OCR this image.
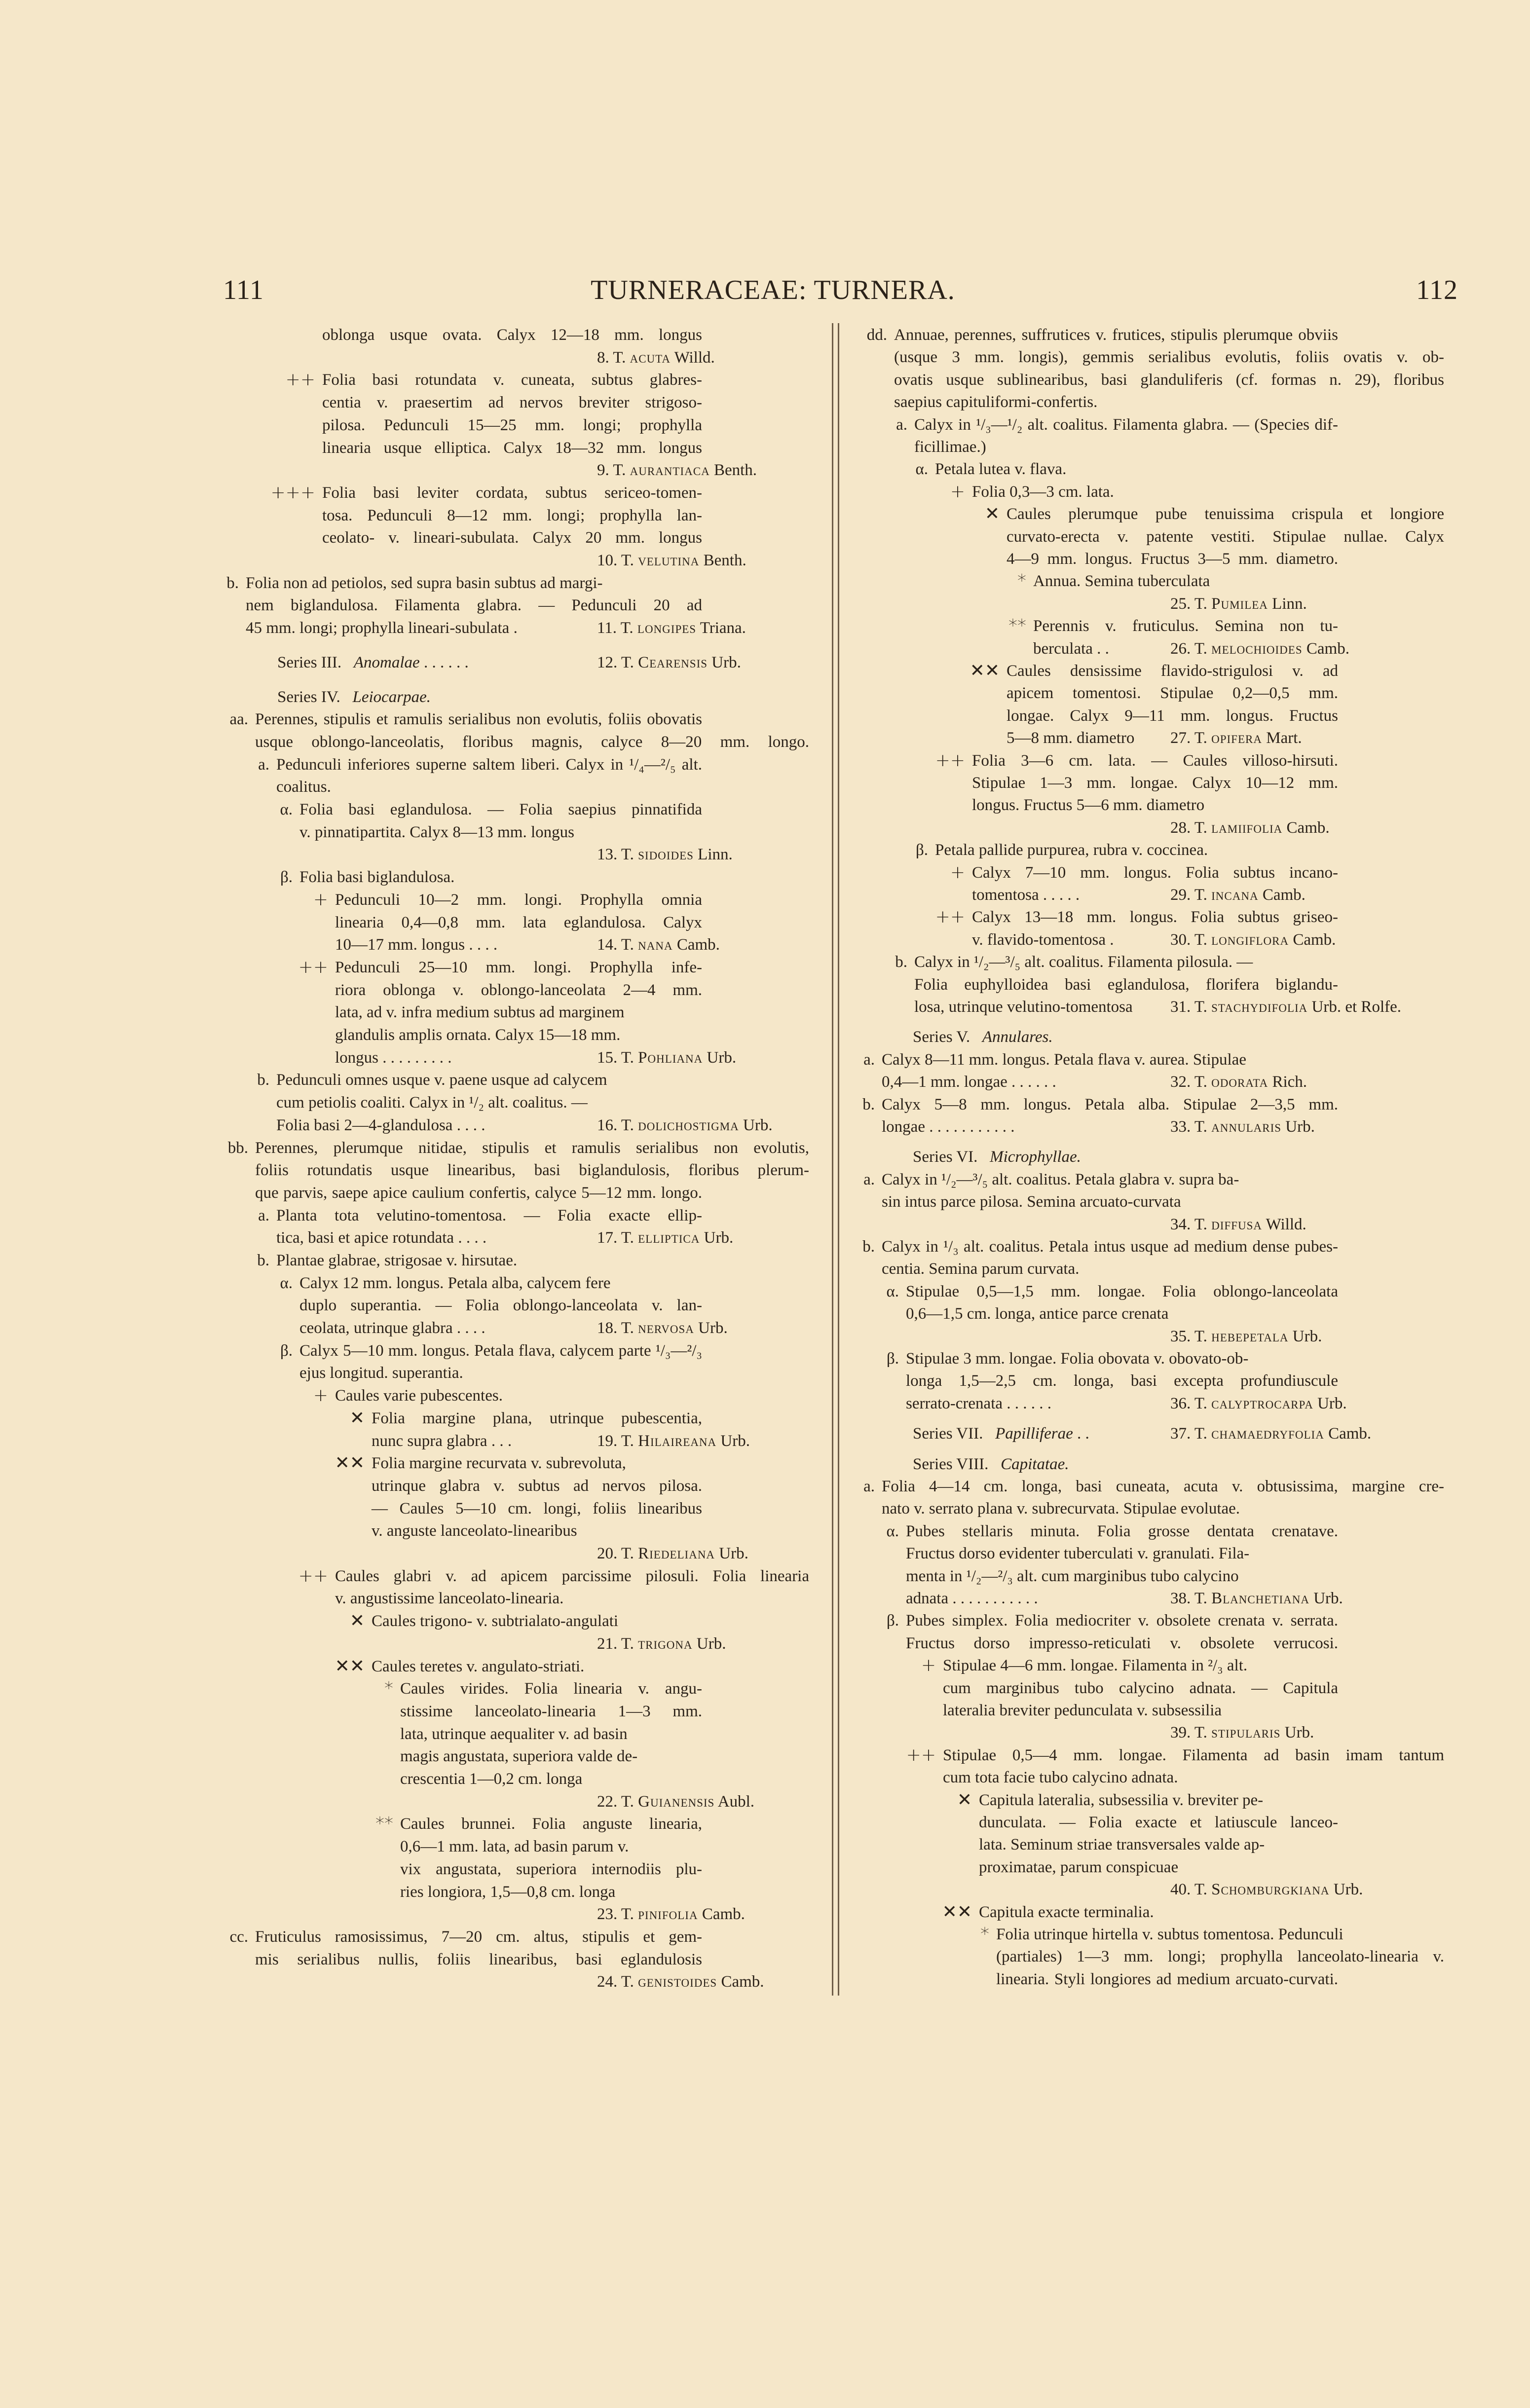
111	TURNERACEAE: TURNERA.	112
oblonga usque ovata. Calyx 12—18 mm. longus
8. T. acuta Willd.
Folia basi rotundata v. cuneata, subtus glabres-
++
centia v. praesertim ad nervos breviter strigoso-
pilosa. Pedunculi 15—25 mm. longi; prophylla
linearia usque elliptica. Calyx 18—32 mm. longus
9. T. aurantiaca Benth.
Folia basi leviter cordata, subtus sericeo-tomen-
+++
tosa. Pedunculi 8—12 mm. longi; prophylla lan-
ceolato- v. lineari-subulata. Calyx 20 mm. longus
10. T. velutina Benth.
Folia non ad petiolos, sed supra basin subtus ad margi-
b.
nem biglandulosa. Filamenta glabra. — Pedunculi 20 ad
45 mm. longi; prophylla lineari-subulata .	11. T. longipes Triana.
Series III.  Anomalae . . . . . .	12. T. Cearensis Urb.
Series IV.  Leiocarpae.
Perennes, stipulis et ramulis serialibus non evolutis, foliis obovatis
aa.
usque oblongo-lanceolatis, floribus magnis, calyce 8—20 mm. longo.
Pedunculi inferiores superne saltem liberi. Calyx in ¹/₄—²/₅ alt.
a.
coalitus.
Folia basi eglandulosa. — Folia saepius pinnatifida
α.
v. pinnatipartita. Calyx 8—13 mm. longus
13. T. sidoides Linn.
Folia basi biglandulosa.
β.
Pedunculi 10—2 mm. longi. Prophylla omnia
+
linearia 0,4—0,8 mm. lata eglandulosa. Calyx
10—17 mm. longus . . . .	14. T. nana Camb.
Pedunculi 25—10 mm. longi. Prophylla infe-
++
riora oblonga v. oblongo-lanceolata 2—4 mm.
lata, ad v. infra medium subtus ad marginem
glandulis amplis ornata. Calyx 15—18 mm.
longus . . . . . . . . .	15. T. Pohliana Urb.
Pedunculi omnes usque v. paene usque ad calycem
b.
cum petiolis coaliti. Calyx in ¹/₂ alt. coalitus. —
Folia basi 2—4-glandulosa . . . .	16. T. dolichostigma Urb.
Perennes, plerumque nitidae, stipulis et ramulis serialibus non evolutis,
bb.
foliis rotundatis usque linearibus, basi biglandulosis, floribus plerum-
que parvis, saepe apice caulium confertis, calyce 5—12 mm. longo.
Planta tota velutino-tomentosa. — Folia exacte ellip-
a.
tica, basi et apice rotundata . . . .	17. T. elliptica Urb.
Plantae glabrae, strigosae v. hirsutae.
b.
Calyx 12 mm. longus. Petala alba, calycem fere
α.
duplo superantia. — Folia oblongo-lanceolata v. lan-
ceolata, utrinque glabra . . . .	18. T. nervosa Urb.
Calyx 5—10 mm. longus. Petala flava, calycem parte ¹/₃—²/₃
β.
ejus longitud. superantia.
Caules varie pubescentes.
+
Folia margine plana, utrinque pubescentia,
✕
nunc supra glabra . . .	19. T. Hilaireana Urb.
Folia margine recurvata v. subrevoluta,
✕✕
utrinque glabra v. subtus ad nervos pilosa.
— Caules 5—10 cm. longi, foliis linearibus
v. anguste lanceolato-linearibus
20. T. Riedeliana Urb.
Caules glabri v. ad apicem parcissime pilosuli. Folia linearia
++
v. angustissime lanceolato-linearia.
Caules trigono- v. subtrialato-angulati
✕
21. T. trigona Urb.
Caules teretes v. angulato-striati.
✕✕
Caules virides. Folia linearia v. angu-
*
stissime lanceolato-linearia 1—3 mm.
lata, utrinque aequaliter v. ad basin
magis angustata, superiora valde de-
crescentia 1—0,2 cm. longa
22. T. Guianensis Aubl.
Caules brunnei. Folia anguste linearia,
**
0,6—1 mm. lata, ad basin parum v.
vix angustata, superiora internodiis plu-
ries longiora, 1,5—0,8 cm. longa
23. T. pinifolia Camb.
Fruticulus ramosissimus, 7—20 cm. altus, stipulis et gem-
cc.
mis serialibus nullis, foliis linearibus, basi eglandulosis
24. T. genistoides Camb.
Annuae, perennes, suffrutices v. frutices, stipulis plerumque obviis
dd.
(usque 3 mm. longis), gemmis serialibus evolutis, foliis ovatis v. ob-
ovatis usque sublinearibus, basi glanduliferis (cf. formas n. 29), floribus
saepius capituliformi-confertis.
Calyx in ¹/₃—¹/₂ alt. coalitus. Filamenta glabra. — (Species dif-
a.
ficillimae.)
Petala lutea v. flava.
α.
Folia 0,3—3 cm. lata.
+
Caules plerumque pube tenuissima crispula et longiore
✕
curvato-erecta v. patente vestiti. Stipulae nullae. Calyx
4—9 mm. longus. Fructus 3—5 mm. diametro.
Annua. Semina tuberculata
*
25. T. Pumilea Linn.
Perennis v. fruticulus. Semina non tu-
**
berculata . .	26. T. melochioides Camb.
Caules densissime flavido-strigulosi v. ad
✕✕
apicem tomentosi. Stipulae 0,2—0,5 mm.
longae. Calyx 9—11 mm. longus. Fructus
5—8 mm. diametro 27. T. opifera Mart.
Folia 3—6 cm. lata. — Caules villoso-hirsuti.
++
Stipulae 1—3 mm. longae. Calyx 10—12 mm.
longus. Fructus 5—6 mm. diametro
28. T. lamiifolia Camb.
Petala pallide purpurea, rubra v. coccinea.
β.
Calyx 7—10 mm. longus. Folia subtus incano-
+
tomentosa . . . . .	29. T. incana Camb.
Calyx 13—18 mm. longus. Folia subtus griseo-
++
v. flavido-tomentosa .	30. T. longiflora Camb.
Calyx in ¹/₂—³/₅ alt. coalitus. Filamenta pilosula. —
b.
Folia euphylloidea basi eglandulosa, florifera biglandu-
losa, utrinque velutino-tomentosa 31. T. stachydifolia Urb. et Rolfe.
Series V.  Annulares.
Calyx 8—11 mm. longus. Petala flava v. aurea. Stipulae
a.
0,4—1 mm. longae . . . . . .	32. T. odorata Rich.
Calyx 5—8 mm. longus. Petala alba. Stipulae 2—3,5 mm.
b.
longae . . . . . . . . . . .	33. T. annularis Urb.
Series VI.  Microphyllae.
Calyx in ¹/₂—³/₅ alt. coalitus. Petala glabra v. supra ba-
a.
sin intus parce pilosa. Semina arcuato-curvata
34. T. diffusa Willd.
Calyx in ¹/₃ alt. coalitus. Petala intus usque ad medium dense pubes-
b.
centia. Semina parum curvata.
Stipulae 0,5—1,5 mm. longae. Folia oblongo-lanceolata
α.
0,6—1,5 cm. longa, antice parce crenata
35. T. hebepetala Urb.
Stipulae 3 mm. longae. Folia obovata v. obovato-ob-
β.
longa 1,5—2,5 cm. longa, basi excepta profundiuscule
serrato-crenata . . . . . .	36. T. calyptrocarpa Urb.
Series VII.  Papilliferae . .	37. T. chamaedryfolia Camb.
Series VIII.  Capitatae.
Folia 4—14 cm. longa, basi cuneata, acuta v. obtusissima, margine cre-
a.
nato v. serrato plana v. subrecurvata. Stipulae evolutae.
Pubes stellaris minuta. Folia grosse dentata crenatave.
α.
Fructus dorso evidenter tuberculati v. granulati. Fila-
menta in ¹/₂—²/₃ alt. cum marginibus tubo calycino
adnata . . . . . . . . . . .	38. T. Blanchetiana Urb.
Pubes simplex. Folia mediocriter v. obsolete crenata v. serrata.
β.
Fructus dorso impresso-reticulati v. obsolete verrucosi.
Stipulae 4—6 mm. longae. Filamenta in ²/₃ alt.
+
cum marginibus tubo calycino adnata. — Capitula
lateralia breviter pedunculata v. subsessilia
39. T. stipularis Urb.
Stipulae 0,5—4 mm. longae. Filamenta ad basin imam tantum
++
cum tota facie tubo calycino adnata.
Capitula lateralia, subsessilia v. breviter pe-
✕
dunculata. — Folia exacte et latiuscule lanceo-
lata. Seminum striae transversales valde ap-
proximatae, parum conspicuae
40. T. Schomburgkiana Urb.
Capitula exacte terminalia.
✕✕
Folia utrinque hirtella v. subtus tomentosa. Pedunculi
*
(partiales) 1—3 mm. longi; prophylla lanceolato-linearia v.
linearia. Styli longiores ad medium arcuato-curvati.
